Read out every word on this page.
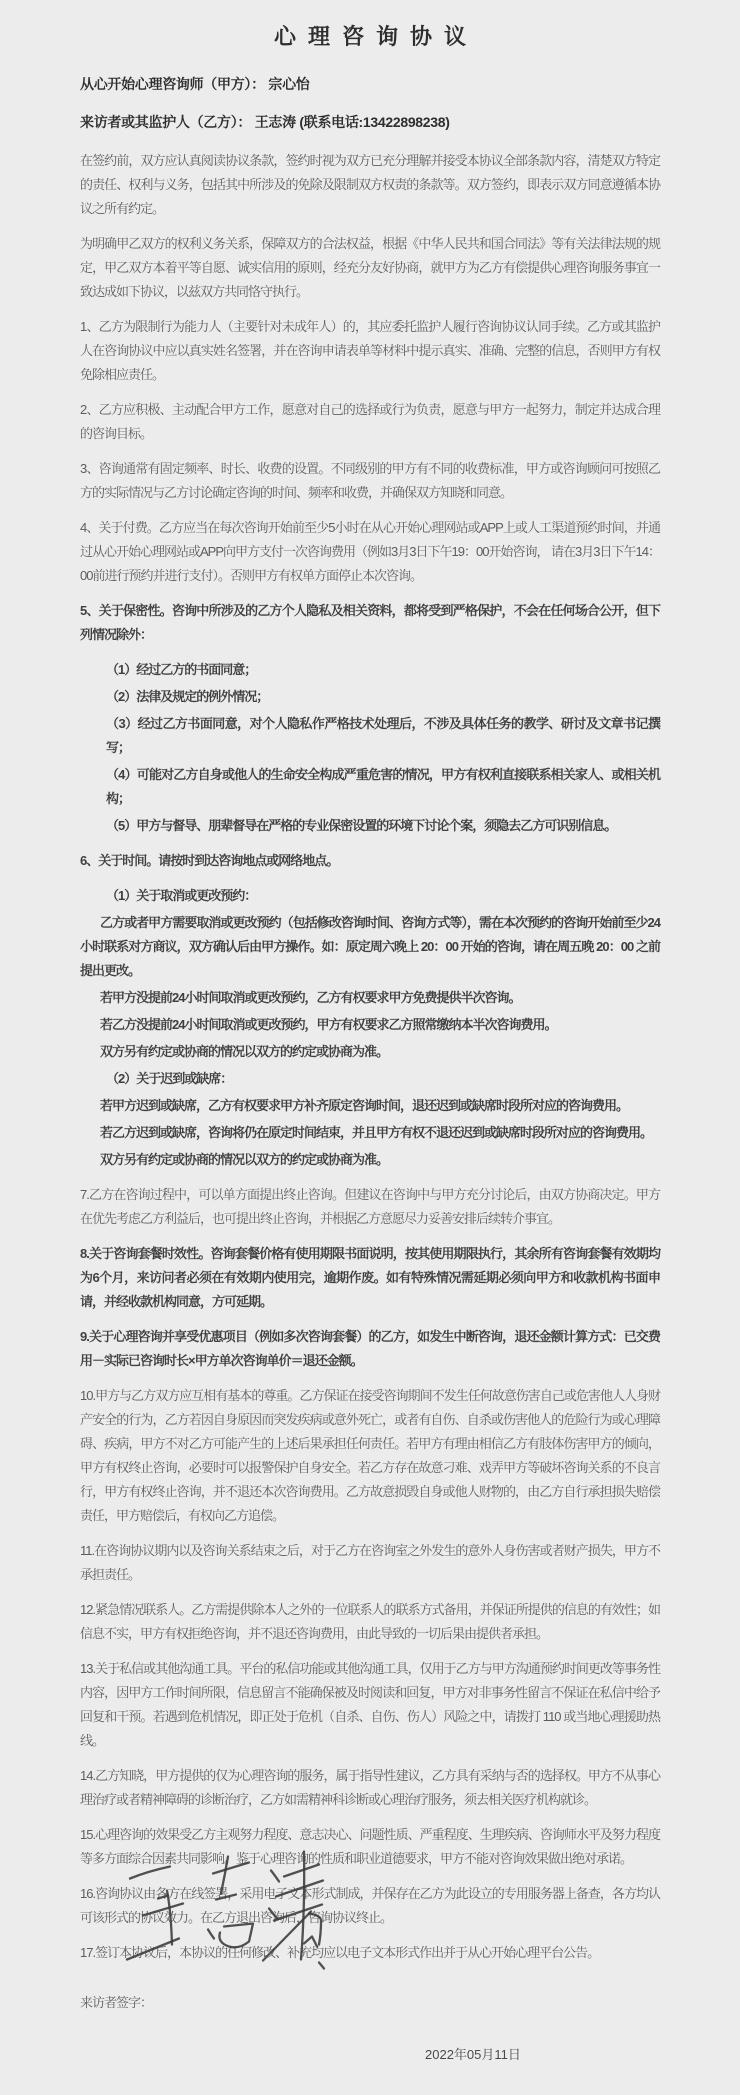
心理咨询协议

从心开始心理咨询师（甲方）： 宗心怡

来访者或其监护人（乙方）： 王志涛 (联系电话:13422898238)

在签约前，双方应认真阅读协议条款，签约时视为双方已充分理解并接受本协议全部条款内容，清楚双方特定的责任、权利与义务，包括其中所涉及的免除及限制双方权责的条款等。双方签约，即表示双方同意遵循本协议之所有约定。

为明确甲乙双方的权利义务关系，保障双方的合法权益，根据《中华人民共和国合同法》等有关法律法规的规定，甲乙双方本着平等自愿、诚实信用的原则，经充分友好协商，就甲方为乙方有偿提供心理咨询服务事宜一致达成如下协议，以兹双方共同恪守执行。

1、乙方为限制行为能力人（主要针对未成年人）的，其应委托监护人履行咨询协议认同手续。乙方或其监护人在咨询协议中应以真实姓名签署，并在咨询申请表单等材料中提示真实、准确、完整的信息，否则甲方有权免除相应责任。

2、乙方应积极、主动配合甲方工作，愿意对自己的选择或行为负责，愿意与甲方一起努力，制定并达成合理的咨询目标。

3、咨询通常有固定频率、时长、收费的设置。不同级别的甲方有不同的收费标准，甲方或咨询顾问可按照乙方的实际情况与乙方讨论确定咨询的时间、频率和收费，并确保双方知晓和同意。

4、关于付费。乙方应当在每次咨询开始前至少5小时在从心开始心理网站或APP上或人工渠道预约时间，并通过从心开始心理网站或APP向甲方支付一次咨询费用（例如3月3日下午19：00开始咨询， 请在3月3日下午14：00前进行预约并进行支付）。否则甲方有权单方面停止本次咨询。

5、关于保密性。咨询中所涉及的乙方个人隐私及相关资料，都将受到严格保护，不会在任何场合公开，但下列情况除外：

（1）经过乙方的书面同意；

（2）法律及规定的例外情况；

（3）经过乙方书面同意，对个人隐私作严格技术处理后，不涉及具体任务的教学、研讨及文章书记撰写；

（4）可能对乙方自身或他人的生命安全构成严重危害的情况，甲方有权利直接联系相关家人、或相关机构；

（5）甲方与督导、朋辈督导在严格的专业保密设置的环境下讨论个案，须隐去乙方可识别信息。

6、关于时间。请按时到达咨询地点或网络地点。

（1）关于取消或更改预约：

乙方或者甲方需要取消或更改预约（包括修改咨询时间、咨询方式等），需在本次预约的咨询开始前至少24小时联系对方商议，双方确认后由甲方操作。如：原定周六晚上 20：00 开始的咨询，请在周五晚 20：00 之前提出更改。

若甲方没提前24小时间取消或更改预约，乙方有权要求甲方免费提供半次咨询。

若乙方没提前24小时间取消或更改预约，甲方有权要求乙方照常缴纳本半次咨询费用。

双方另有约定或协商的情况以双方的约定或协商为准。

（2）关于迟到或缺席：

若甲方迟到或缺席，乙方有权要求甲方补齐原定咨询时间，退还迟到或缺席时段所对应的咨询费用。

若乙方迟到或缺席，咨询将仍在原定时间结束，并且甲方有权不退还迟到或缺席时段所对应的咨询费用。

双方另有约定或协商的情况以双方的约定或协商为准。

7.乙方在咨询过程中，可以单方面提出终止咨询。但建议在咨询中与甲方充分讨论后，由双方协商决定。甲方在优先考虑乙方利益后，也可提出终止咨询，并根据乙方意愿尽力妥善安排后续转介事宜。

8.关于咨询套餐时效性。咨询套餐价格有使用期限书面说明，按其使用期限执行，其余所有咨询套餐有效期均为6个月，来访问者必须在有效期内使用完，逾期作废。如有特殊情况需延期必须向甲方和收款机构书面申请，并经收款机构同意，方可延期。

9.关于心理咨询并享受优惠项目（例如多次咨询套餐）的乙方，如发生中断咨询，退还金额计算方式：已交费用－实际已咨询时长×甲方单次咨询单价＝退还金额。

10.甲方与乙方双方应互相有基本的尊重。乙方保证在接受咨询期间不发生任何故意伤害自己或危害他人人身财产安全的行为，乙方若因自身原因而突发疾病或意外死亡，或者有自伤、自杀或伤害他人的危险行为或心理障碍、疾病，甲方不对乙方可能产生的上述后果承担任何责任。若甲方有理由相信乙方有肢体伤害甲方的倾向，甲方有权终止咨询，必要时可以报警保护自身安全。若乙方存在故意刁难、戏弄甲方等破坏咨询关系的不良言行，甲方有权终止咨询，并不退还本次咨询费用。乙方故意损毁自身或他人财物的，由乙方自行承担损失赔偿责任，甲方赔偿后，有权向乙方追偿。

11.在咨询协议期内以及咨询关系结束之后，对于乙方在咨询室之外发生的意外人身伤害或者财产损失，甲方不承担责任。

12.紧急情况联系人。乙方需提供除本人之外的一位联系人的联系方式备用，并保证所提供的信息的有效性；如信息不实，甲方有权拒绝咨询，并不退还咨询费用，由此导致的一切后果由提供者承担。

13.关于私信或其他沟通工具。平台的私信功能或其他沟通工具，仅用于乙方与甲方沟通预约时间更改等事务性内容，因甲方工作时间所限，信息留言不能确保被及时阅读和回复，甲方对非事务性留言不保证在私信中给予回复和干预。若遇到危机情况，即正处于危机（自杀、自伤、伤人）风险之中，请拨打 110 或当地心理援助热线。

14.乙方知晓，甲方提供的仅为心理咨询的服务，属于指导性建议，乙方具有采纳与否的选择权。甲方不从事心理治疗或者精神障碍的诊断治疗，乙方如需精神科诊断或心理治疗服务，须去相关医疗机构就诊。

15.心理咨询的效果受乙方主观努力程度、意志决心、问题性质、严重程度、生理疾病、咨询师水平及努力程度等多方面综合因素共同影响。鉴于心理咨询的性质和职业道德要求，甲方不能对咨询效果做出绝对承诺。

16.咨询协议由各方在线签署，采用电子文本形式制成，并保存在乙方为此设立的专用服务器上备查，各方均认可该形式的协议效力。在乙方退出咨询后，咨询协议终止。

17.签订本协议后，本协议的任何修改、补充均应以电子文本形式作出并于从心开始心理平台公告。

来访者签字：

2022年05月11日
